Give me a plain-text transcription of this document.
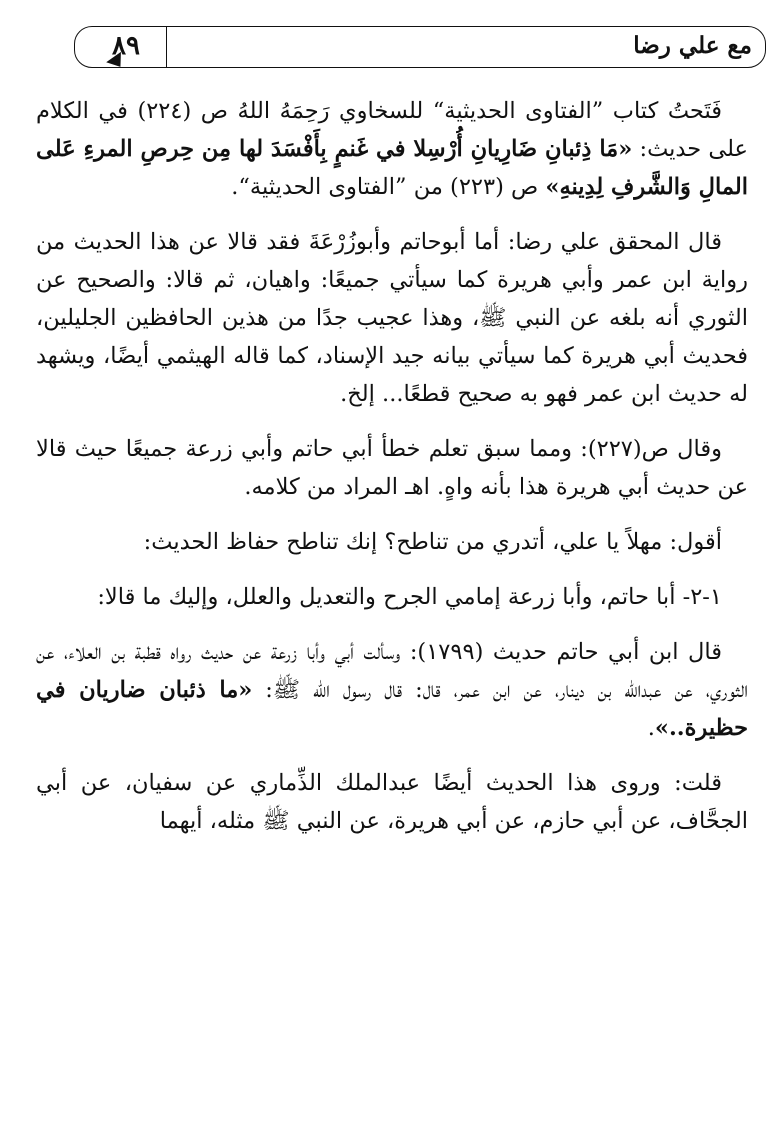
٨٩	مع علي رضا

فَتَحتُ كتاب ”الفتاوى الحديثية“ للسخاوي رَحِمَهُ اللهُ ص (٢٢٤) في الكلام على حديث: «مَا ذِئبانِ ضَارِيانِ أُرْسِلا في غَنمٍ بِأَفْسَدَ لها مِن حِرصِ المرءِ عَلى المالِ وَالشَّرفِ لِدِينهِ» ص (٢٢٣) من ”الفتاوى الحديثية“.

قال المحقق علي رضا: أما أبوحاتم وأبوزُرْعَةَ فقد قالا عن هذا الحديث من رواية ابن عمر وأبي هريرة كما سيأتي جميعًا: واهيان، ثم قالا: والصحيح عن الثوري أنه بلغه عن النبي ﷺ، وهذا عجيب جدًا من هذين الحافظين الجليلين، فحديث أبي هريرة كما سيأتي بيانه جيد الإسناد، كما قاله الهيثمي أيضًا، ويشهد له حديث ابن عمر فهو به صحيح قطعًا... إلخ.

وقال ص(٢٢٧): ومما سبق تعلم خطأ أبي حاتم وأبي زرعة جميعًا حيث قالا عن حديث أبي هريرة هذا بأنه واهٍ. اهـ المراد من كلامه.

أقول: مهلاً يا علي، أتدري من تناطح؟ إنك تناطح حفاظ الحديث:

١-٢- أبا حاتم، وأبا زرعة إمامي الجرح والتعديل والعلل، وإليك ما قالا:

قال ابن أبي حاتم حديث (١٧٩٩): وسألت أبي وأبا زرعة عن حديث رواه قطبة بن العلاء، عن الثوري، عن عبدالله بن دينار، عن ابن عمر، قال: قال رسول الله ﷺ: «ما ذئبان ضاريان في حظيرة..».

قلت: وروى هذا الحديث أيضًا عبدالملك الذِّماري عن سفيان، عن أبي الجحَّاف، عن أبي حازم، عن أبي هريرة، عن النبي ﷺ مثله، أيهما
